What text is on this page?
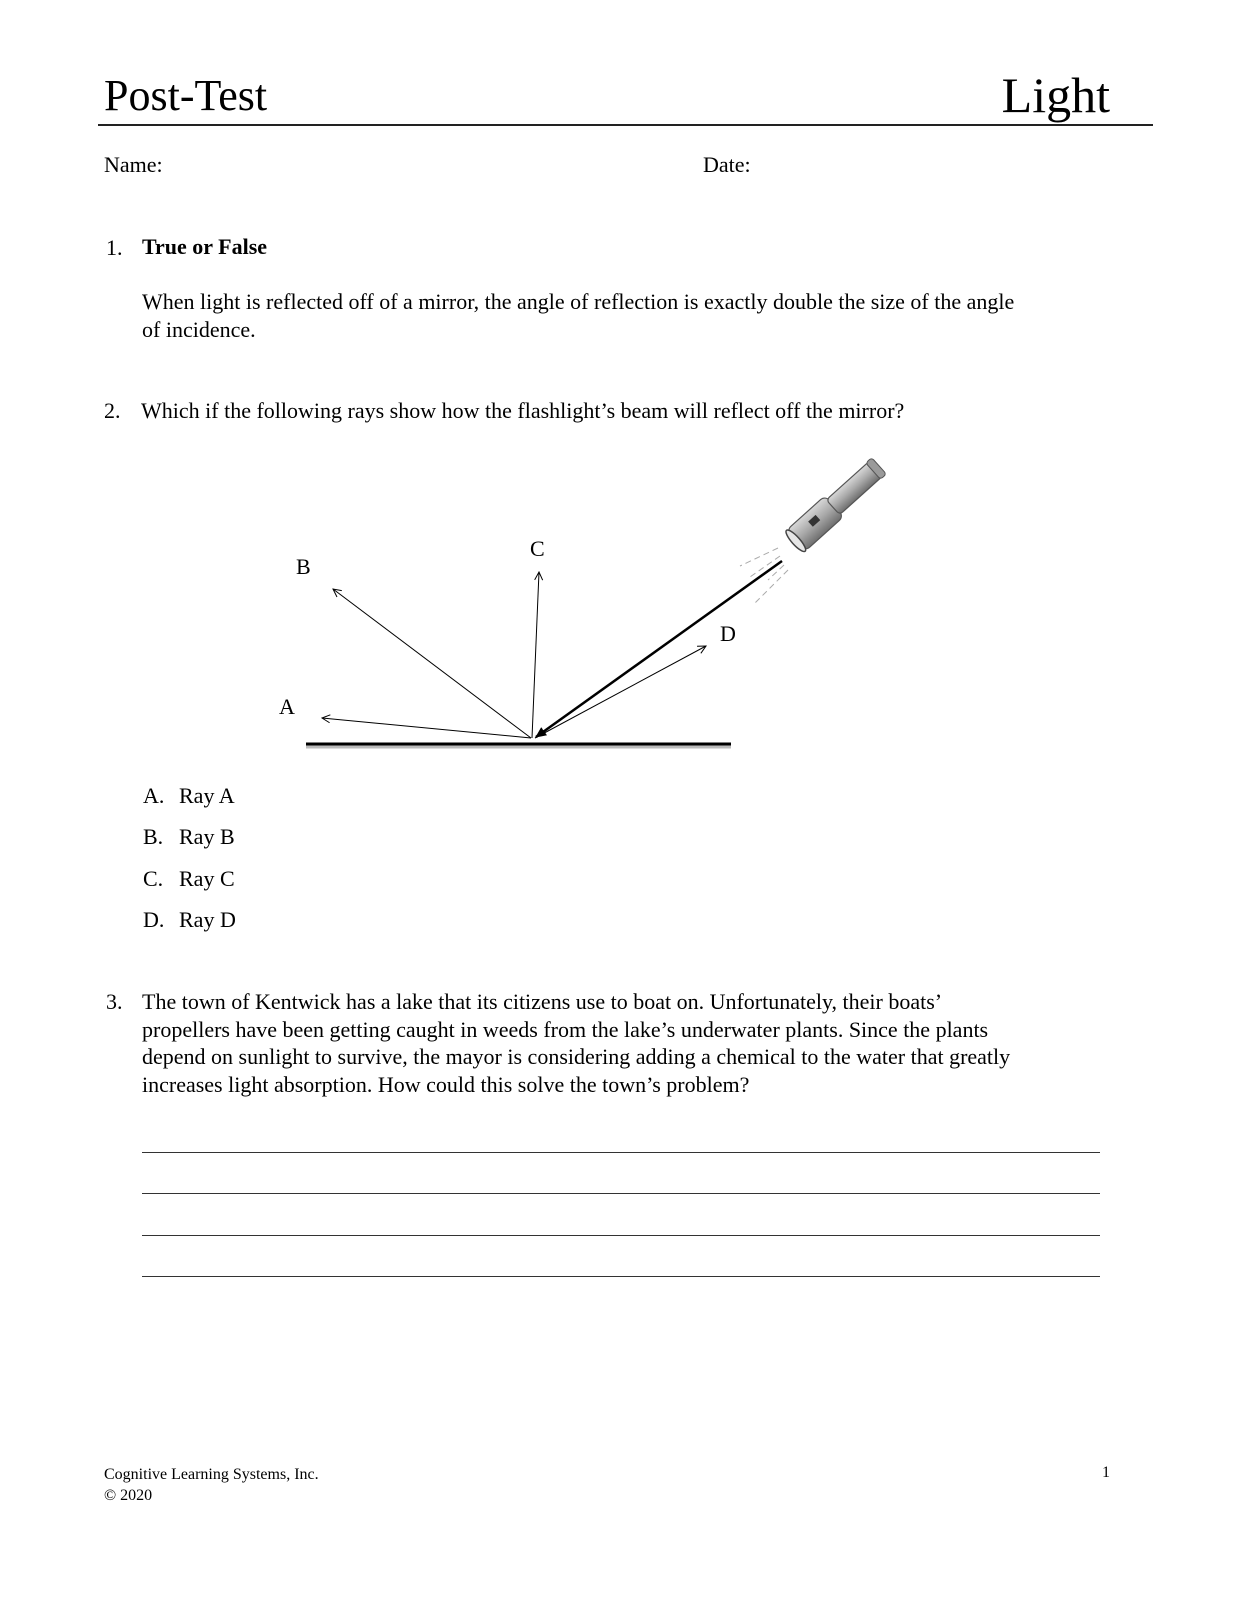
Post-Test	Light
Name:	Date:
1. True or False
When light is reflected off of a mirror, the angle of reflection is exactly double the size of the angle
of incidence.
2. Which if the following rays show how the flashlight’s beam will reflect off the mirror?
A
B
C
D
A. Ray A
B. Ray B
C. Ray C
D. Ray D
3. The town of Kentwick has a lake that its citizens use to boat on. Unfortunately, their boats’
propellers have been getting caught in weeds from the lake’s underwater plants. Since the plants
depend on sunlight to survive, the mayor is considering adding a chemical to the water that greatly
increases light absorption. How could this solve the town’s problem?
Cognitive Learning Systems, Inc.
© 2020
1
